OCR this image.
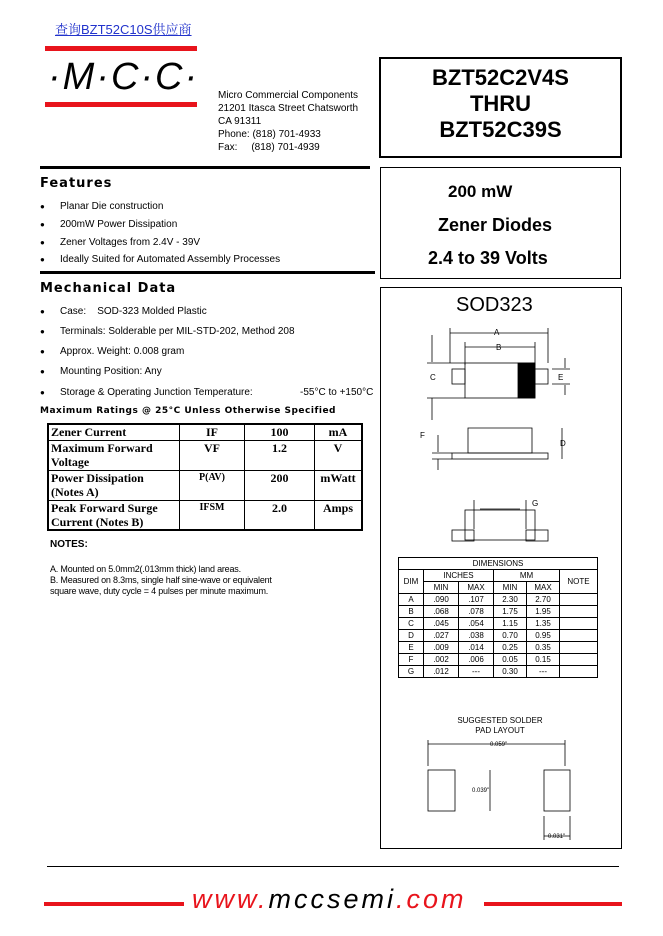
查询BZT52C10S供应商
·M·C·C· Micro Commercial Components
21201 Itasca Street Chatsworth
CA 91311
Phone: (818) 701-4933
Fax:     (818) 701-4939
BZT52C2V4S
THRU
BZT52C39S
200 mW
Zener Diodes
2.4 to 39 Volts
Features
Planar Die construction
200mW Power Dissipation
Zener Voltages from 2.4V - 39V
Ideally Suited for Automated Assembly Processes
Mechanical Data
Case:    SOD-323 Molded Plastic
Terminals: Solderable per MIL-STD-202, Method 208
Approx. Weight: 0.008 gram
Mounting Position: Any
Storage & Operating Junction Temperature:	-55°C to +150°C
Maximum Ratings @ 25°C Unless Otherwise Specified
Zener Current	IF	100	mA
Maximum Forward Voltage	VF	1.2	V
Power Dissipation (Notes A)	P(AV)	200	mWatt
Peak Forward Surge Current (Notes B)	IFSM	2.0	Amps
NOTES:
A. Mounted on 5.0mm2(.013mm thick) land areas.
B. Measured on 8.3ms, single half sine-wave or equivalent
square wave, duty cycle = 4 pulses per minute maximum.
SOD323
A
B
C	E
D
F
G
DIMENSIONS					
DIM	INCHES		MM		NOTE
	MIN	MAX	MIN	MAX	
A	.090	.107	2.30	2.70	
B	.068	.078	1.75	1.95	
C	.045	.054	1.15	1.35	
D	.027	.038	0.70	0.95	
E	.009	.014	0.25	0.35	
F	.002	.006	0.05	0.15	
G	.012	---	0.30	---	
SUGGESTED SOLDER
PAD LAYOUT
0.059"
0.039"
0.031"
www.mccsemi.com
